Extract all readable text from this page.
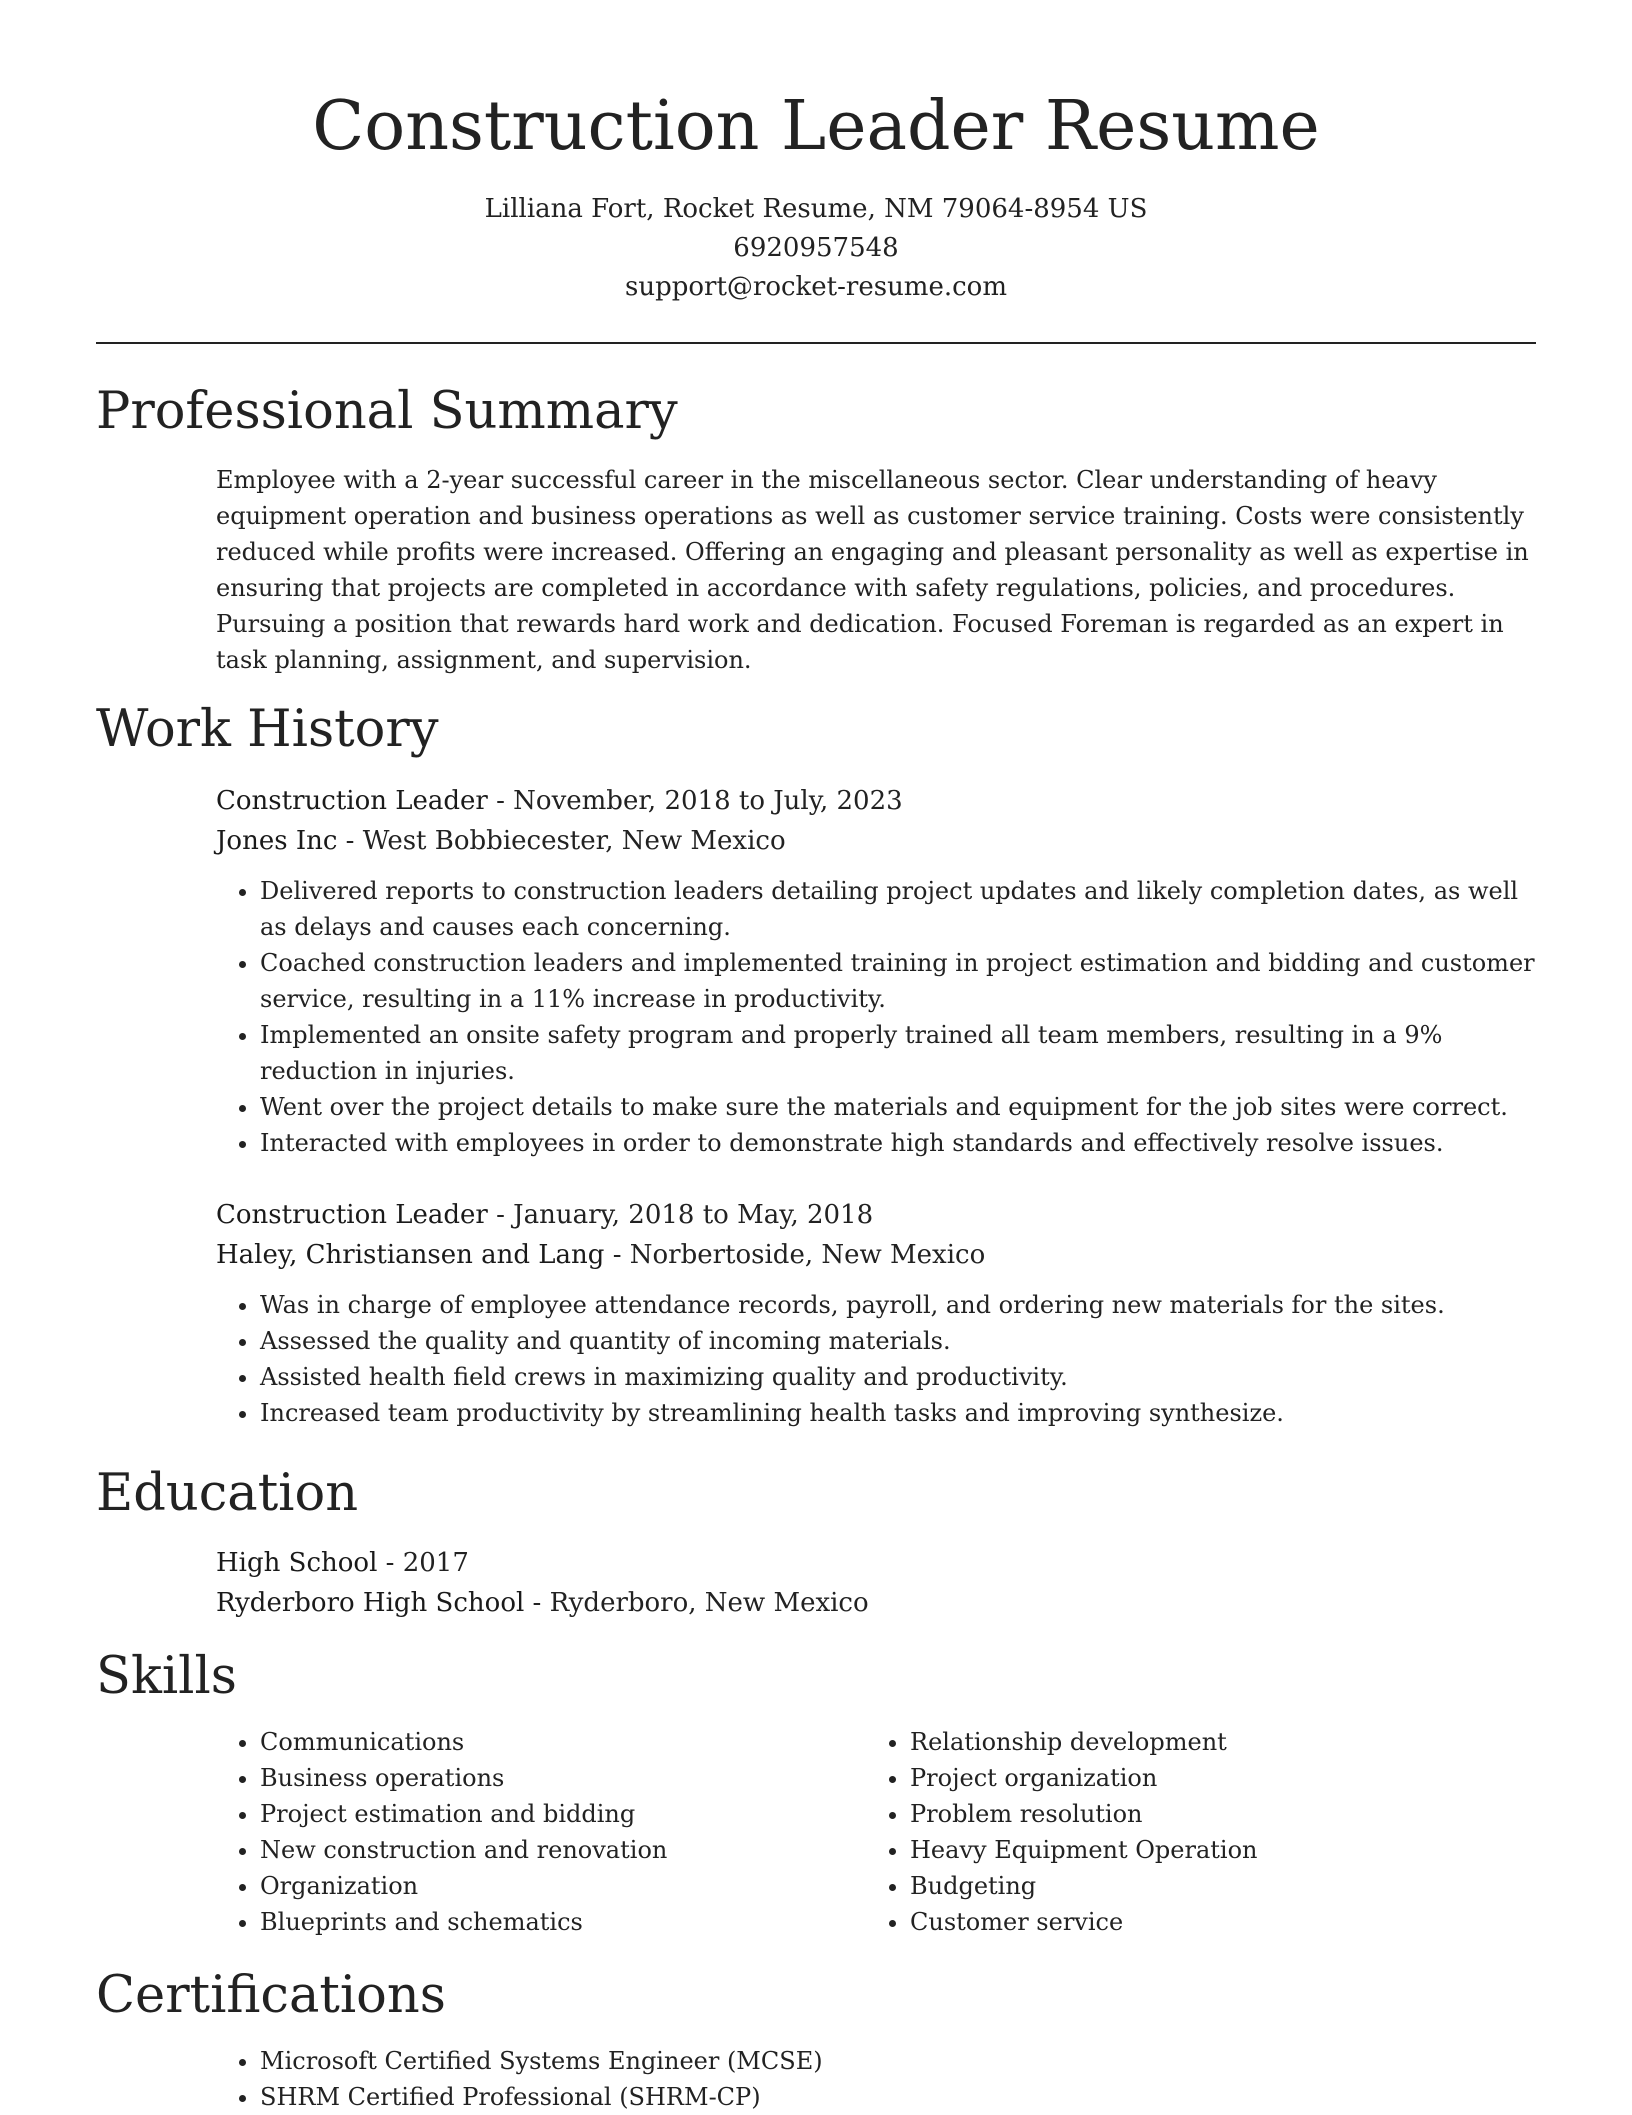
Construction Leader Resume
Lilliana Fort, Rocket Resume, NM 79064-8954 US
6920957548
support@rocket-resume.com
Professional Summary

Employee with a 2-year successful career in the miscellaneous sector. Clear understanding of heavy equipment operation and business operations as well as customer service training. Costs were consistently reduced while profits were increased. Offering an engaging and pleasant personality as well as expertise in ensuring that projects are completed in accordance with safety regulations, policies, and procedures. Pursuing a position that rewards hard work and dedication. Focused Foreman is regarded as an expert in task planning, assignment, and supervision.

Work History
Construction Leader - November, 2018 to July, 2023
Jones Inc - West Bobbiecester, New Mexico
• Delivered reports to construction leaders detailing project updates and likely completion dates, as well as delays and causes each concerning.
• Coached construction leaders and implemented training in project estimation and bidding and customer service, resulting in a 11% increase in productivity.
• Implemented an onsite safety program and properly trained all team members, resulting in a 9% reduction in injuries.
• Went over the project details to make sure the materials and equipment for the job sites were correct.
• Interacted with employees in order to demonstrate high standards and effectively resolve issues.
Construction Leader - January, 2018 to May, 2018
Haley, Christiansen and Lang - Norbertoside, New Mexico
• Was in charge of employee attendance records, payroll, and ordering new materials for the sites.
• Assessed the quality and quantity of incoming materials.
• Assisted health field crews in maximizing quality and productivity.
• Increased team productivity by streamlining health tasks and improving synthesize.
Education
High School - 2017
Ryderboro High School - Ryderboro, New Mexico
Skills
• Communications
• Business operations
• Project estimation and bidding
• New construction and renovation
• Organization
• Blueprints and schematics
• Relationship development
• Project organization
• Problem resolution
• Heavy Equipment Operation
• Budgeting
• Customer service
Certifications
• Microsoft Certified Systems Engineer (MCSE)
• SHRM Certified Professional (SHRM-CP)
